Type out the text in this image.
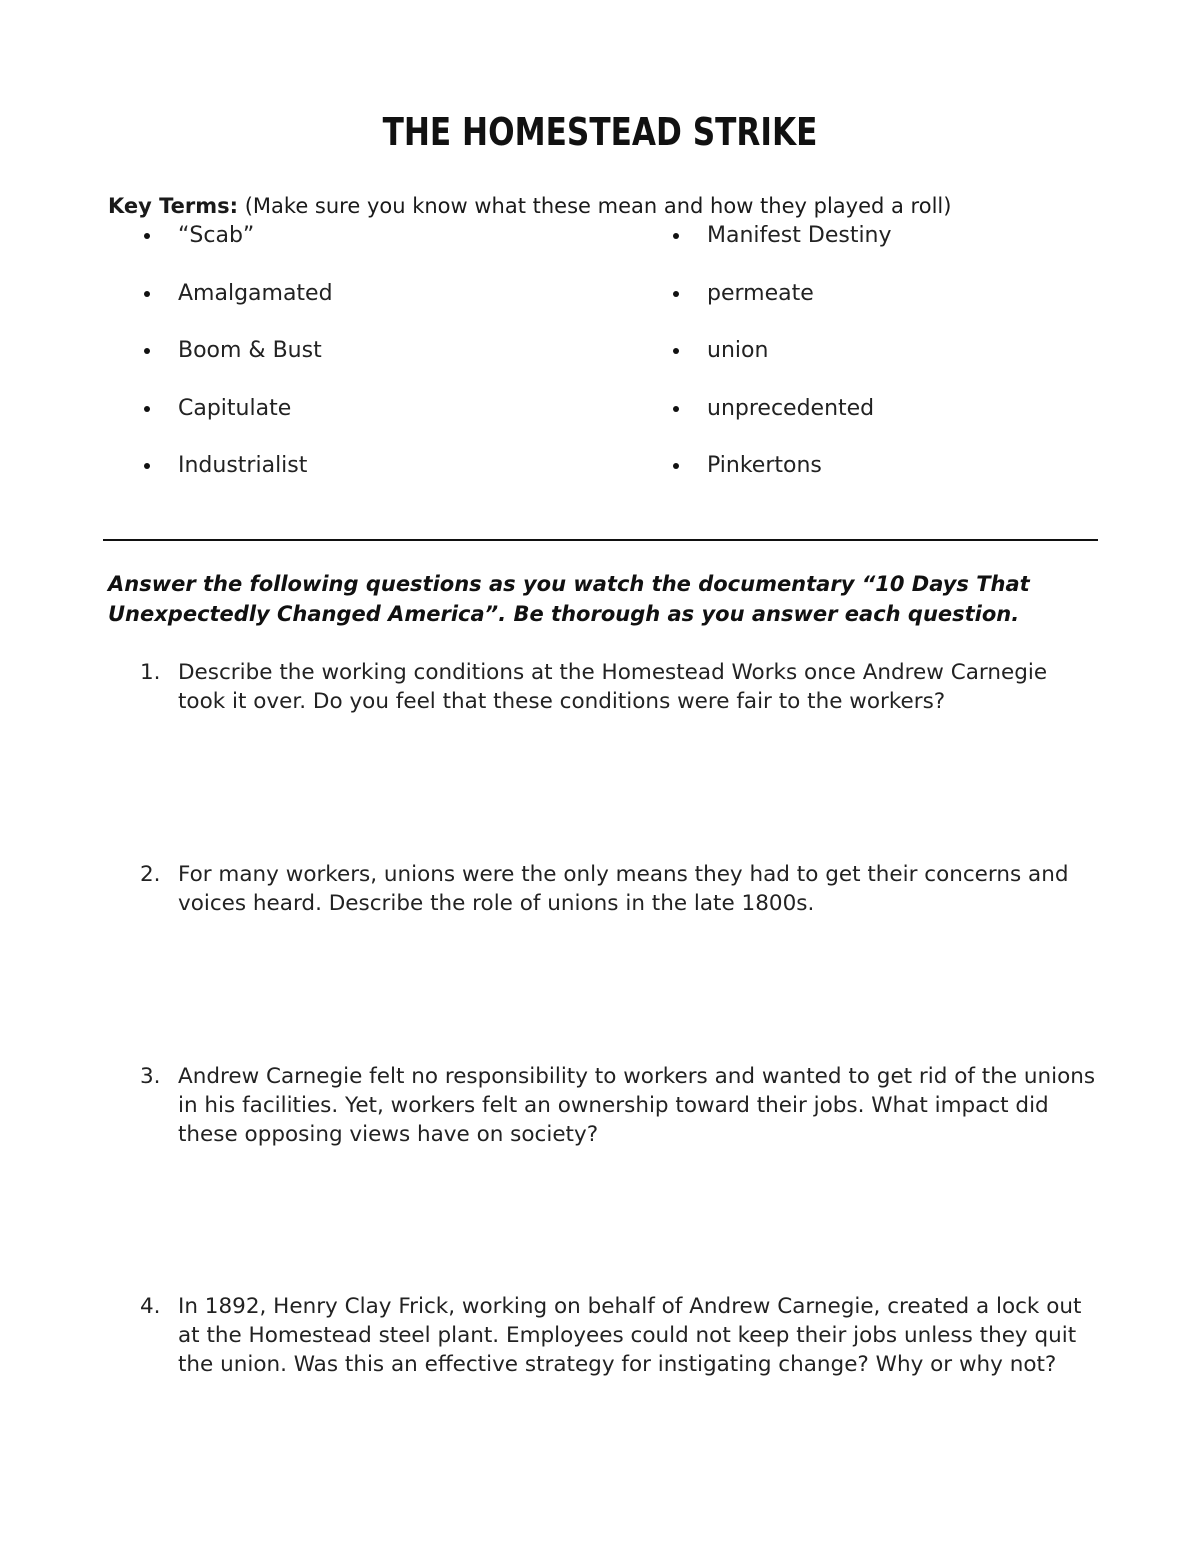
THE HOMESTEAD STRIKE
Key Terms: (Make sure you know what these mean and how they played a roll)
“Scab”
Amalgamated
Boom & Bust
Capitulate
Industrialist
Manifest Destiny
permeate
union
unprecedented
Pinkertons
Answer the following questions as you watch the documentary “10 Days That Unexpectedly Changed America”. Be thorough as you answer each question.
1. Describe the working conditions at the Homestead Works once Andrew Carnegie took it over. Do you feel that these conditions were fair to the workers?
2. For many workers, unions were the only means they had to get their concerns and voices heard. Describe the role of unions in the late 1800s.
3. Andrew Carnegie felt no responsibility to workers and wanted to get rid of the unions in his facilities. Yet, workers felt an ownership toward their jobs. What impact did these opposing views have on society?
4. In 1892, Henry Clay Frick, working on behalf of Andrew Carnegie, created a lock out at the Homestead steel plant. Employees could not keep their jobs unless they quit the union. Was this an effective strategy for instigating change? Why or why not?
